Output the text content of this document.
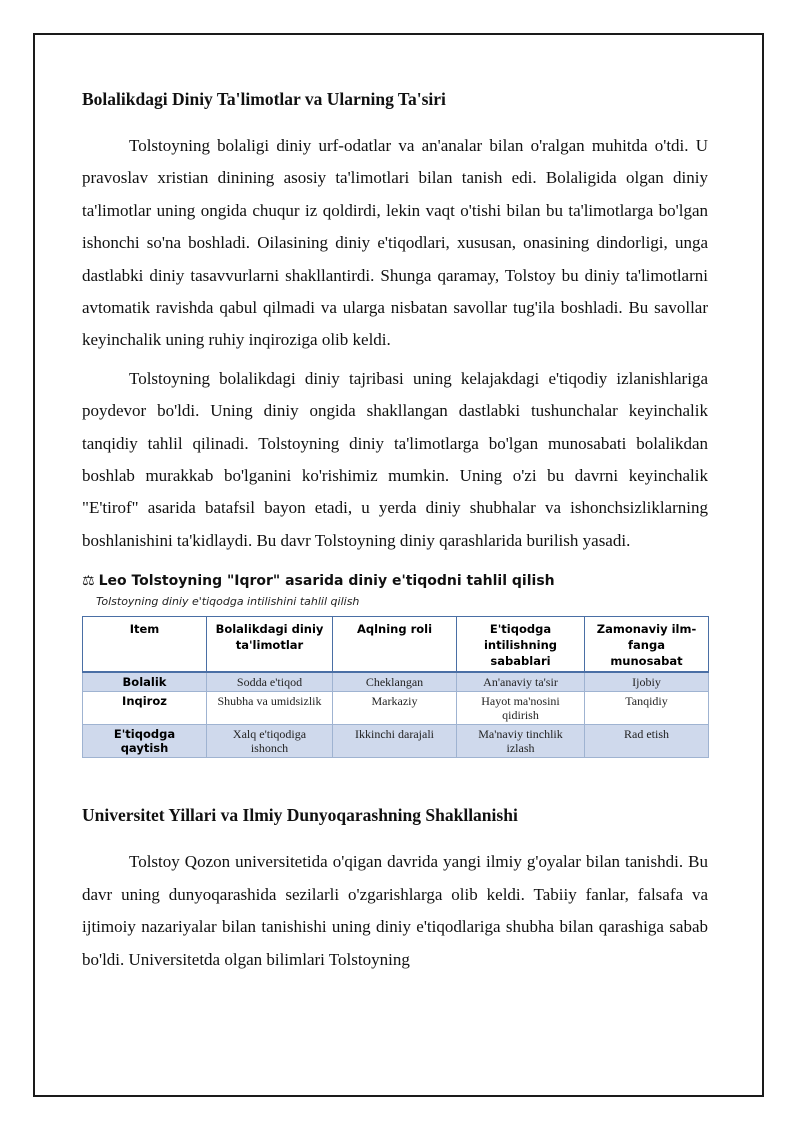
Bolalikdagi Diniy Ta'limotlar va Ularning Ta'siri

Tolstoyning bolaligi diniy urf-odatlar va an'analar bilan o'ralgan muhitda o'tdi. U pravoslav xristian dinining asosiy ta'limotlari bilan tanish edi. Bolaligida olgan diniy ta'limotlar uning ongida chuqur iz qoldirdi, lekin vaqt o'tishi bilan bu ta'limotlarga bo'lgan ishonchi so'na boshladi. Oilasining diniy e'tiqodlari, xususan, onasining dindorligi, unga dastlabki diniy tasavvurlarni shakllantirdi. Shunga qaramay, Tolstoy bu diniy ta'limotlarni avtomatik ravishda qabul qilmadi va ularga nisbatan savollar tug'ila boshladi. Bu savollar keyinchalik uning ruhiy inqiroziga olib keldi.

Tolstoyning bolalikdagi diniy tajribasi uning kelajakdagi e'tiqodiy izlanishlariga poydevor bo'ldi. Uning diniy ongida shakllangan dastlabki tushunchalar keyinchalik tanqidiy tahlil qilinadi. Tolstoyning diniy ta'limotlarga bo'lgan munosabati bolalikdan boshlab murakkab bo'lganini ko'rishimiz mumkin. Uning o'zi bu davrni keyinchalik "E'tirof" asarida batafsil bayon etadi, u yerda diniy shubhalar va ishonchsizliklarning boshlanishini ta'kidlaydi. Bu davr Tolstoyning diniy qarashlarida burilish yasadi.

⚖ Leo Tolstoyning "Iqror" asarida diniy e'tiqodni tahlil qilish
Tolstoyning diniy e'tiqodga intilishini tahlil qilish
Item	Bolalikdagi diniy ta'limotlar	Aqlning roli	E'tiqodga intilishning sabablari	Zamonaviy ilm-fanga munosabat
Bolalik	Sodda e'tiqod	Cheklangan	An'anaviy ta'sir	Ijobiy
Inqiroz	Shubha va umidsizlik	Markaziy	Hayot ma'nosini qidirish	Tanqidiy
E'tiqodga qaytish	Xalq e'tiqodiga ishonch	Ikkinchi darajali	Ma'naviy tinchlik izlash	Rad etish
Universitet Yillari va Ilmiy Dunyoqarashning Shakllanishi

Tolstoy Qozon universitetida o'qigan davrida yangi ilmiy g'oyalar bilan tanishdi. Bu davr uning dunyoqarashida sezilarli o'zgarishlarga olib keldi. Tabiiy fanlar, falsafa va ijtimoiy nazariyalar bilan tanishishi uning diniy e'tiqodlariga shubha bilan qarashiga sabab bo'ldi. Universitetda olgan bilimlari Tolstoyning
